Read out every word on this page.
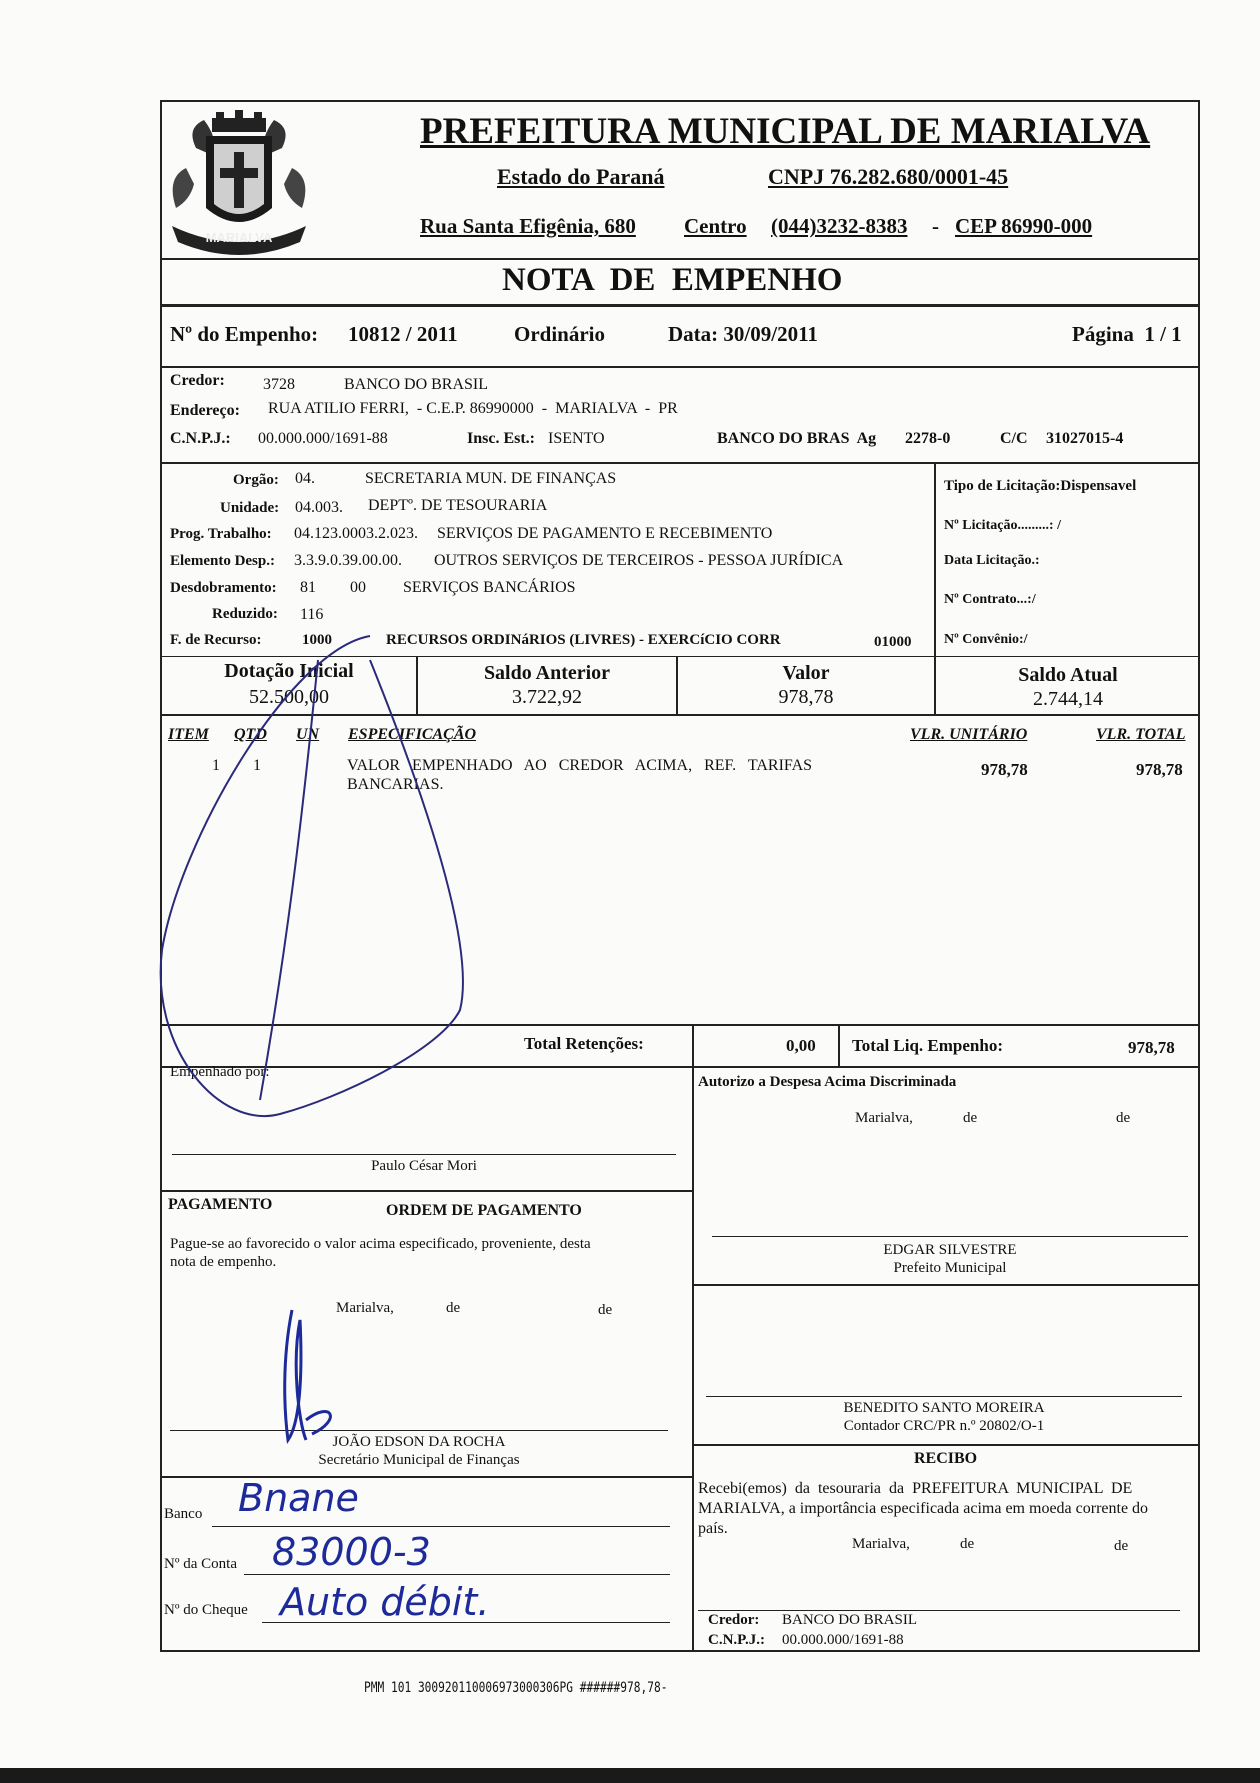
MARIALVA
PREFEITURA MUNICIPAL DE MARIALVA
Estado do Paraná	CNPJ 76.282.680/0001-45
Rua Santa Efigênia, 680 Centro (044)3232-8383 - CEP 86990-000
NOTA  DE  EMPENHO
Nº do Empenho: 10812 / 2011	Ordinário	Data: 30/09/2011	Página  1 / 1
Credor: 3728	BANCO DO BRASIL
Endereço: RUA ATILIO FERRI,  - C.E.P. 86990000  -  MARIALVA  -  PR
C.N.P.J.: 00.000.000/1691-88	Insc. Est.: ISENTO	BANCO DO BRAS  Ag 2278-0	C/C 31027015-4
Orgão: 04.	SECRETARIA MUN. DE FINANÇAS
Unidade: 04.003. DEPTº. DE TESOURARIA
Prog. Trabalho: 04.123.0003.2.023. SERVIÇOS DE PAGAMENTO E RECEBIMENTO
Elemento Desp.: 3.3.9.0.39.00.00. OUTROS SERVIÇOS DE TERCEIROS - PESSOA JURÍDICA
Desdobramento: 81 00 SERVIÇOS BANCÁRIOS
Reduzido: 116
F. de Recurso:	1000	RECURSOS ORDINáRIOS (LIVRES) - EXERCíCIO CORR	01000
Tipo de Licitação:Dispensavel
Nº Licitação.........: /
Data Licitação.:
Nº Contrato...:/
Nº Convênio:/
Dotação Inicial
52.500,00
Saldo Anterior
3.722,92
Valor
978,78
Saldo Atual
2.744,14
ITEM QTD UN ESPECIFICAÇÃO	VLR. UNITÁRIO	VLR. TOTAL
1 1	VALOR   EMPENHADO   AO   CREDOR   ACIMA,   REF.   TARIFAS
BANCARIAS.
978,78	978,78
Total Retenções:	0,00 Total Liq. Empenho:	978,78
Empenhado por:
Paulo César Mori
Autorizo a Despesa Acima Discriminada
Marialva,	de	de
EDGAR SILVESTRE
Prefeito Municipal
PAGAMENTO	ORDEM DE PAGAMENTO
Pague-se ao favorecido o valor acima especificado, proveniente, desta
nota de empenho.
Marialva,	de	de
JOÃO EDSON DA ROCHA
Secretário Municipal de Finanças
BENEDITO SANTO MOREIRA
Contador CRC/PR n.º 20802/O-1
RECIBO
Recebi(emos)  da  tesouraria  da  PREFEITURA  MUNICIPAL  DE
MARIALVA, a importância especificada acima em moeda corrente do
país.
Marialva,	de	de
Credor: BANCO DO BRASIL
C.N.P.J.: 00.000.000/1691-88
Banco Bnane
Nº da Conta 83000-3
Nº do Cheque Auto débit.
PMM 101 300920110006973000306PG ######978,78-
